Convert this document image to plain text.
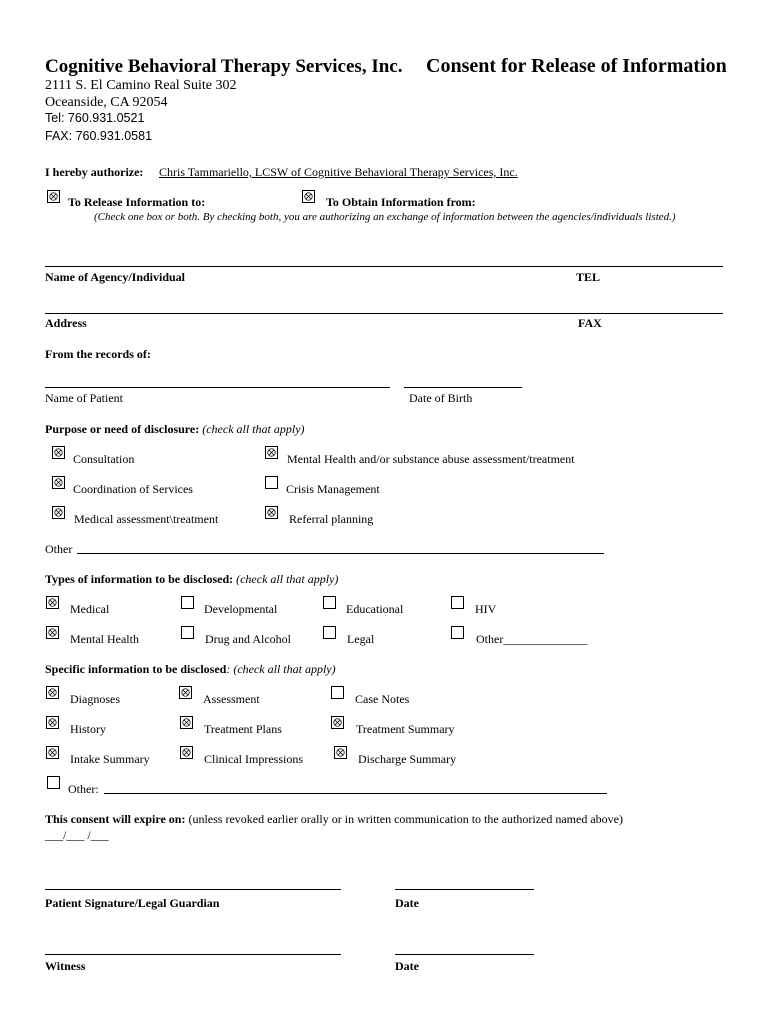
Cognitive Behavioral Therapy Services, Inc. Consent for Release of Information
2111 S. El Camino Real Suite 302
Oceanside, CA 92054
Tel: 760.931.0521
FAX: 760.931.0581
I hereby authorize: Chris Tammariello, LCSW of Cognitive Behavioral Therapy Services, Inc.
To Release Information to:	To Obtain Information from:
(Check one box or both. By checking both, you are authorizing an exchange of information between the agencies/individuals listed.)
Name of Agency/Individual	TEL
Address	FAX
From the records of:
Name of Patient	Date of Birth
Purpose or need of disclosure: (check all that apply)
Consultation	Mental Health and/or substance abuse assessment/treatment
Coordination of Services	Crisis Management
Medical assessment\treatment	Referral planning
Other
Types of information to be disclosed: (check all that apply)
Medical	Developmental	Educational	HIV
Mental Health	Drug and Alcohol	Legal	Other______________
Specific information to be disclosed: (check all that apply)
Diagnoses	Assessment	Case Notes
History	Treatment Plans	Treatment Summary
Intake Summary	Clinical Impressions	Discharge Summary
Other:
This consent will expire on: (unless revoked earlier orally or in written communication to the authorized named above)
___/___ /___
Patient Signature/Legal Guardian	Date
Witness	Date
